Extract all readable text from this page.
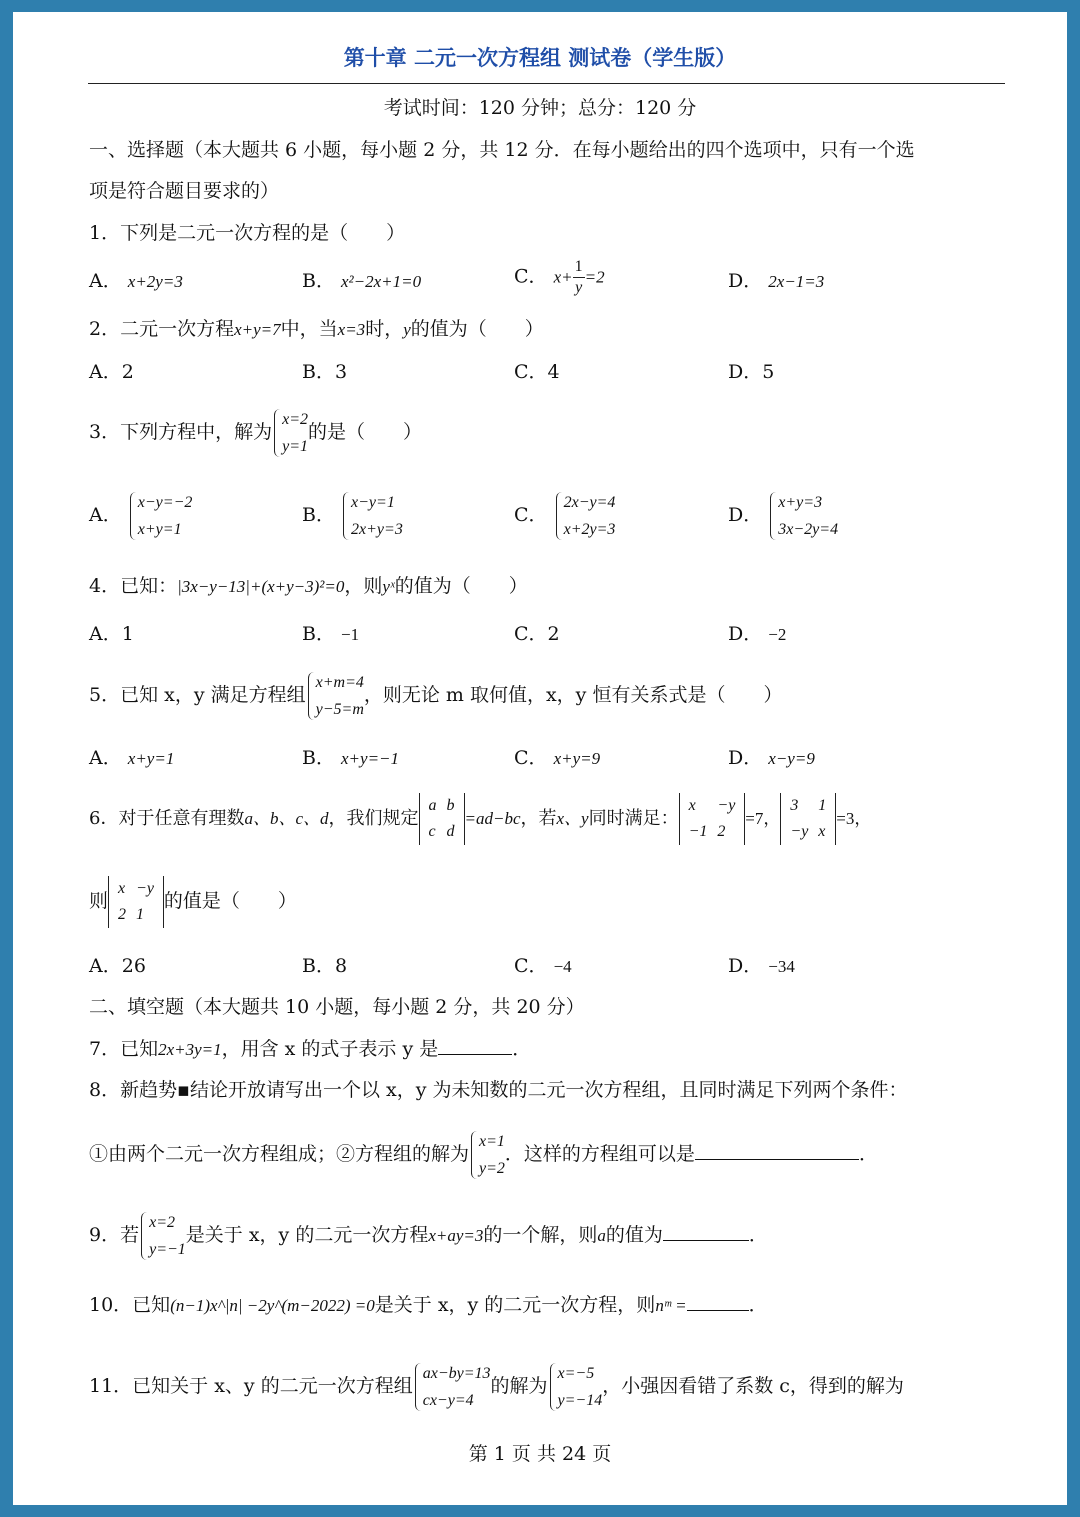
第十章 二元一次方程组 测试卷（学生版）
考试时间：120 分钟；总分：120 分
一、选择题（本大题共 6 小题，每小题 2 分，共 12 分．在每小题给出的四个选项中，只有一个选
项是符合题目要求的）
1．下列是二元一次方程的是（　　）
A． x+2y=3	B． x²−2x+1=0	C． $x+ \frac{1}{y} =2$	D． 2x−1=3
2．二元一次方程x+y=7中，当x=3时，y的值为（　　）
A．2	B．3	C．4	D．5
3．下列方程中，解为
x=2
y=1
的是（　　）
A．
x−y=−2
x+y=1
B．
x−y=1
2x+y=3
C．
2x−y=4
x+2y=3
D．
x+y=3
3x−2y=4
4．已知：|3x−y−13|+(x+y−3)²=0，则yˣ的值为（　　）
A．1	B． −1	C．2	D． −2
5．已知 x，y 满足方程组
x+m=4
y−5=m
，则无论 m 取何值，x，y 恒有关系式是（　　）
A． x+y=1	B． x+y=−1	C． x+y=9	D． x−y=9
6．对于任意有理数a、b、c、d，我们规定
a	b
c	d
=ad−bc，若x、y同时满足：
x	−y
−1	2
=7，
3	1
−y	x
=3，
则
x	−y
2	1
的值是（　　）
A．26	B．8	C． −4	D． −34
二、填空题（本大题共 10 小题，每小题 2 分，共 20 分）
7．已知2x+3y=1，用含 x 的式子表示 y 是	．
8．新趋势▪结论开放请写出一个以 x，y 为未知数的二元一次方程组，且同时满足下列两个条件：
①由两个二元一次方程组成；②方程组的解为
x=1
y=2
．这样的方程组可以是	．
9．若
x=2
y=−1
是关于 x，y 的二元一次方程x+ay=3的一个解，则a的值为	．
10．已知(n−1)x^|n| −2y^(m−2022) =0是关于 x，y 的二元一次方程，则nᵐ =	．
11．已知关于 x、y 的二元一次方程组
ax−by=13
cx−y=4
的解为
x=−5
y=−14
，小强因看错了系数 c，得到的解为
第 1 页 共 24 页
